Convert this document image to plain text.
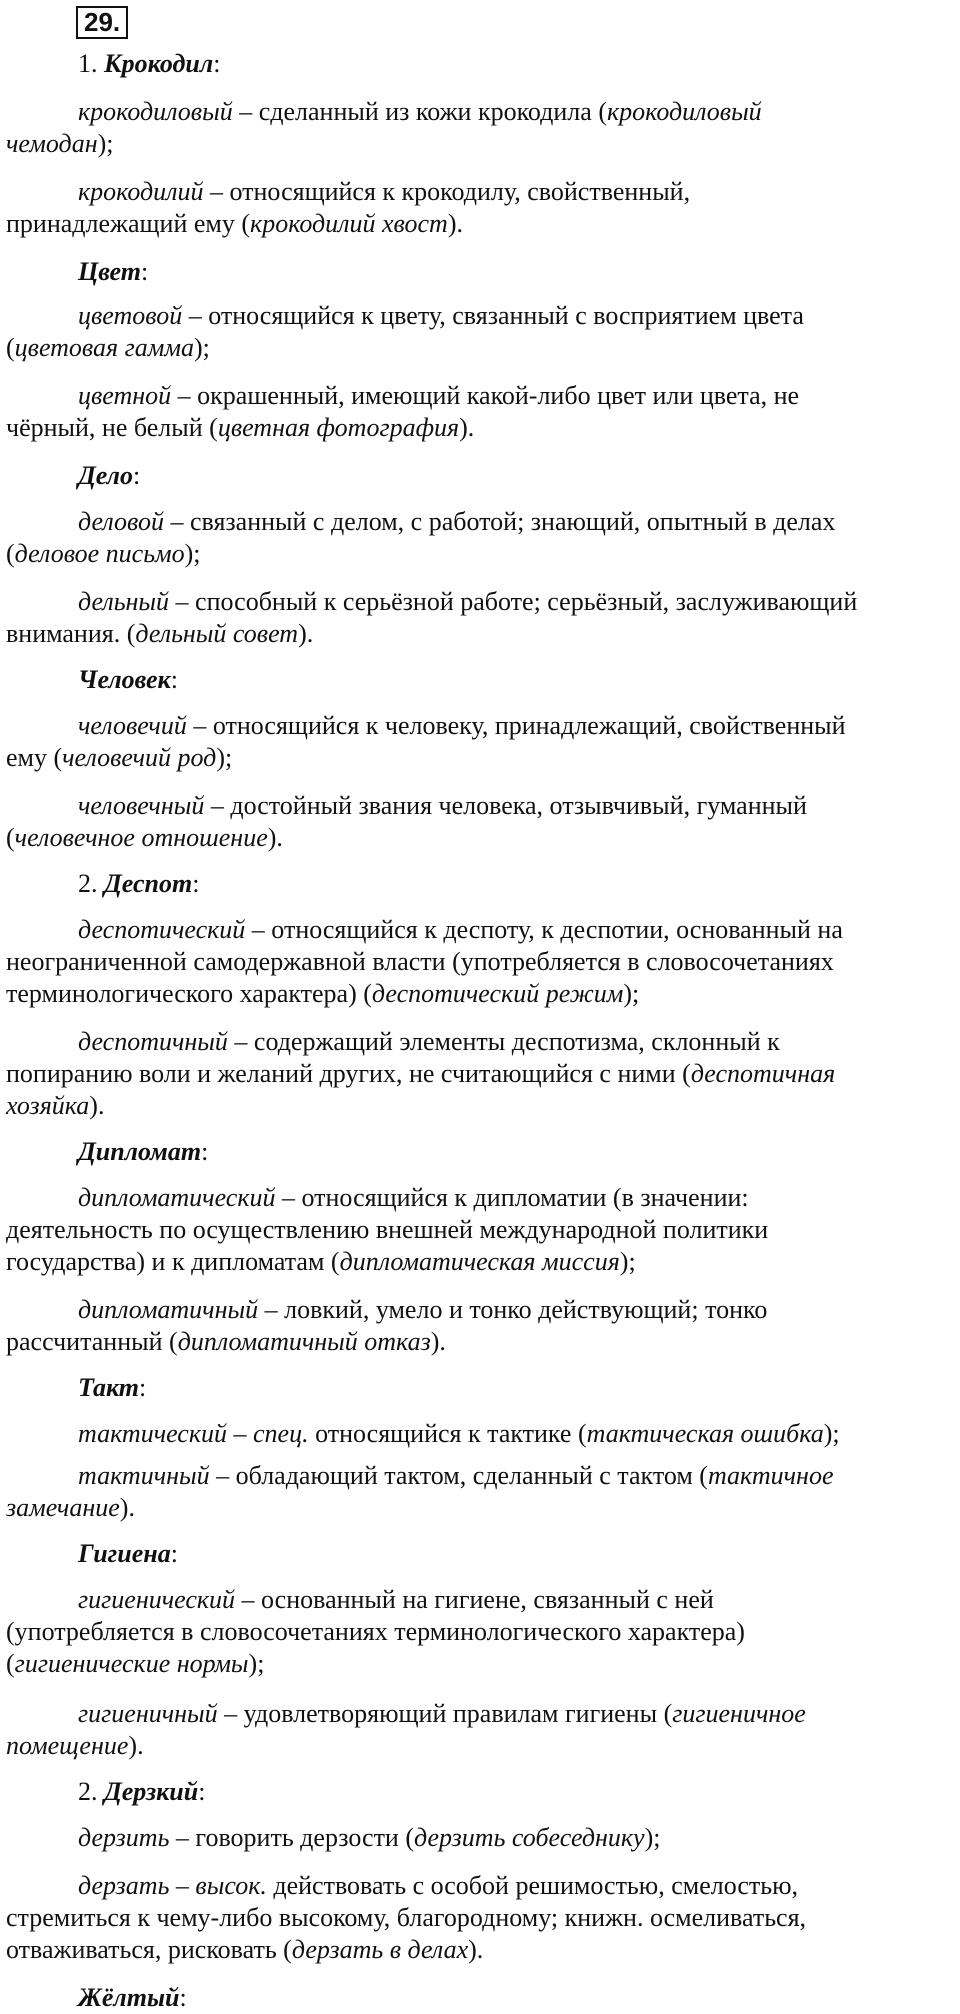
29.
1. Крокодил:
крокодиловый – сделанный из кожи крокодила (крокодиловый
чемодан);
крокодилий – относящийся к крокодилу, свойственный,
принадлежащий ему (крокодилий хвост).
Цвет:
цветовой – относящийся к цвету, связанный с восприятием цвета
(цветовая гамма);
цветной – окрашенный, имеющий какой-либо цвет или цвета, не
чёрный, не белый (цветная фотография).
Дело:
деловой – связанный с делом, с работой; знающий, опытный в делах
(деловое письмо);
дельный – способный к серьёзной работе; серьёзный, заслуживающий
внимания. (дельный совет).
Человек:
человечий – относящийся к человеку, принадлежащий, свойственный
ему (человечий род);
человечный – достойный звания человека, отзывчивый, гуманный
(человечное отношение).
2. Деспот:
деспотический – относящийся к деспоту, к деспотии, основанный на
неограниченной самодержавной власти (употребляется в словосочетаниях
терминологического характера) (деспотический режим);
деспотичный – содержащий элементы деспотизма, склонный к
попиранию воли и желаний других, не считающийся с ними (деспотичная
хозяйка).
Дипломат:
дипломатический – относящийся к дипломатии (в значении:
деятельность по осуществлению внешней международной политики
государства) и к дипломатам (дипломатическая миссия);
дипломатичный – ловкий, умело и тонко действующий; тонко
рассчитанный (дипломатичный отказ).
Такт:
тактический – спец. относящийся к тактике (тактическая ошибка);
тактичный – обладающий тактом, сделанный с тактом (тактичное
замечание).
Гигиена:
гигиенический – основанный на гигиене, связанный с ней
(употребляется в словосочетаниях терминологического характера)
(гигиенические нормы);
гигиеничный – удовлетворяющий правилам гигиены (гигиеничное
помещение).
2. Дерзкий:
дерзить – говорить дерзости (дерзить собеседнику);
дерзать – высок. действовать с особой решимостью, смелостью,
стремиться к чему-либо высокому, благородному; книжн. осмеливаться,
отваживаться, рисковать (дерзать в делах).
Жёлтый:
